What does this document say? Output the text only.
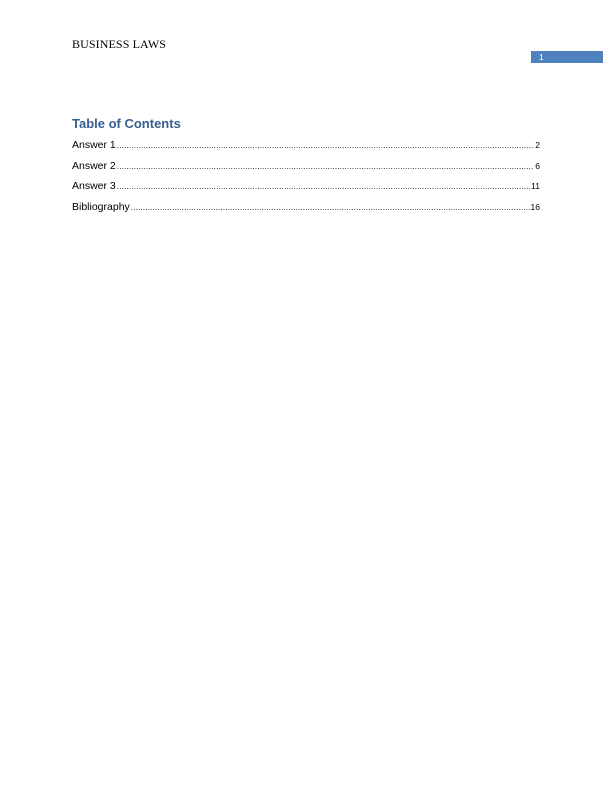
BUSINESS LAWS
1
Table of Contents
Answer 1 .....	2
Answer 2 .....	6
Answer 3 .....	11
Bibliography .....	16
